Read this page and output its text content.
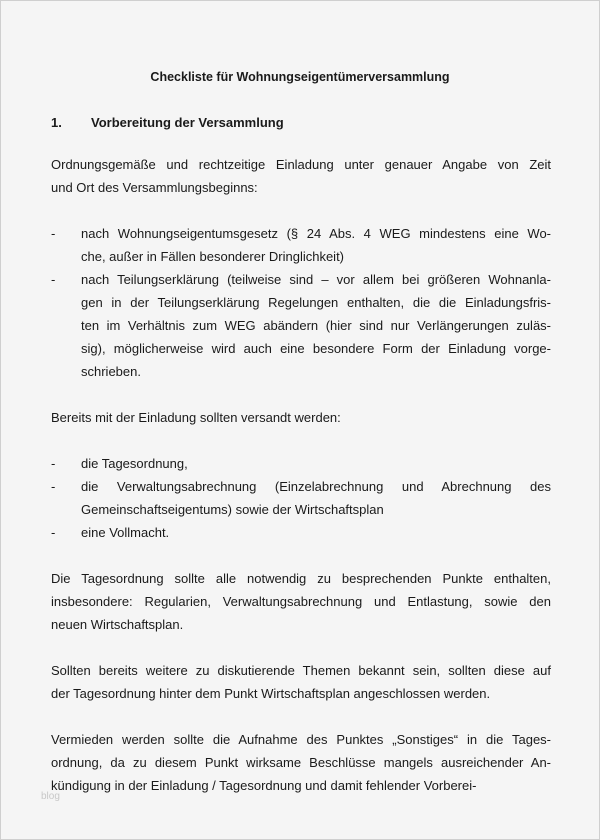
Checkliste für Wohnungseigentümerversammlung
1. Vorbereitung der Versammlung
Ordnungsgemäße und rechtzeitige Einladung unter genauer Angabe von Zeit
und Ort des Versammlungsbeginns:
- nach Wohnungseigentumsgesetz (§ 24 Abs. 4 WEG mindestens eine Wo-
che, außer in Fällen besonderer Dringlichkeit)
- nach Teilungserklärung (teilweise sind – vor allem bei größeren Wohnanla-
gen in der Teilungserklärung Regelungen enthalten, die die Einladungsfris-
ten im Verhältnis zum WEG abändern (hier sind nur Verlängerungen zuläs-
sig), möglicherweise wird auch eine besondere Form der Einladung vorge-
schrieben.
Bereits mit der Einladung sollten versandt werden:
- die Tagesordnung,
- die Verwaltungsabrechnung (Einzelabrechnung und Abrechnung des
Gemeinschaftseigentums) sowie der Wirtschaftsplan
- eine Vollmacht.
Die Tagesordnung sollte alle notwendig zu besprechenden Punkte enthalten,
insbesondere: Regularien, Verwaltungsabrechnung und Entlastung, sowie den
neuen Wirtschaftsplan.
Sollten bereits weitere zu diskutierende Themen bekannt sein, sollten diese auf
der Tagesordnung hinter dem Punkt Wirtschaftsplan angeschlossen werden.
Vermieden werden sollte die Aufnahme des Punktes „Sonstiges“ in die Tages-
ordnung, da zu diesem Punkt wirksame Beschlüsse mangels ausreichender An-
kündigung in der Einladung / Tagesordnung und damit fehlender Vorberei-
blog
